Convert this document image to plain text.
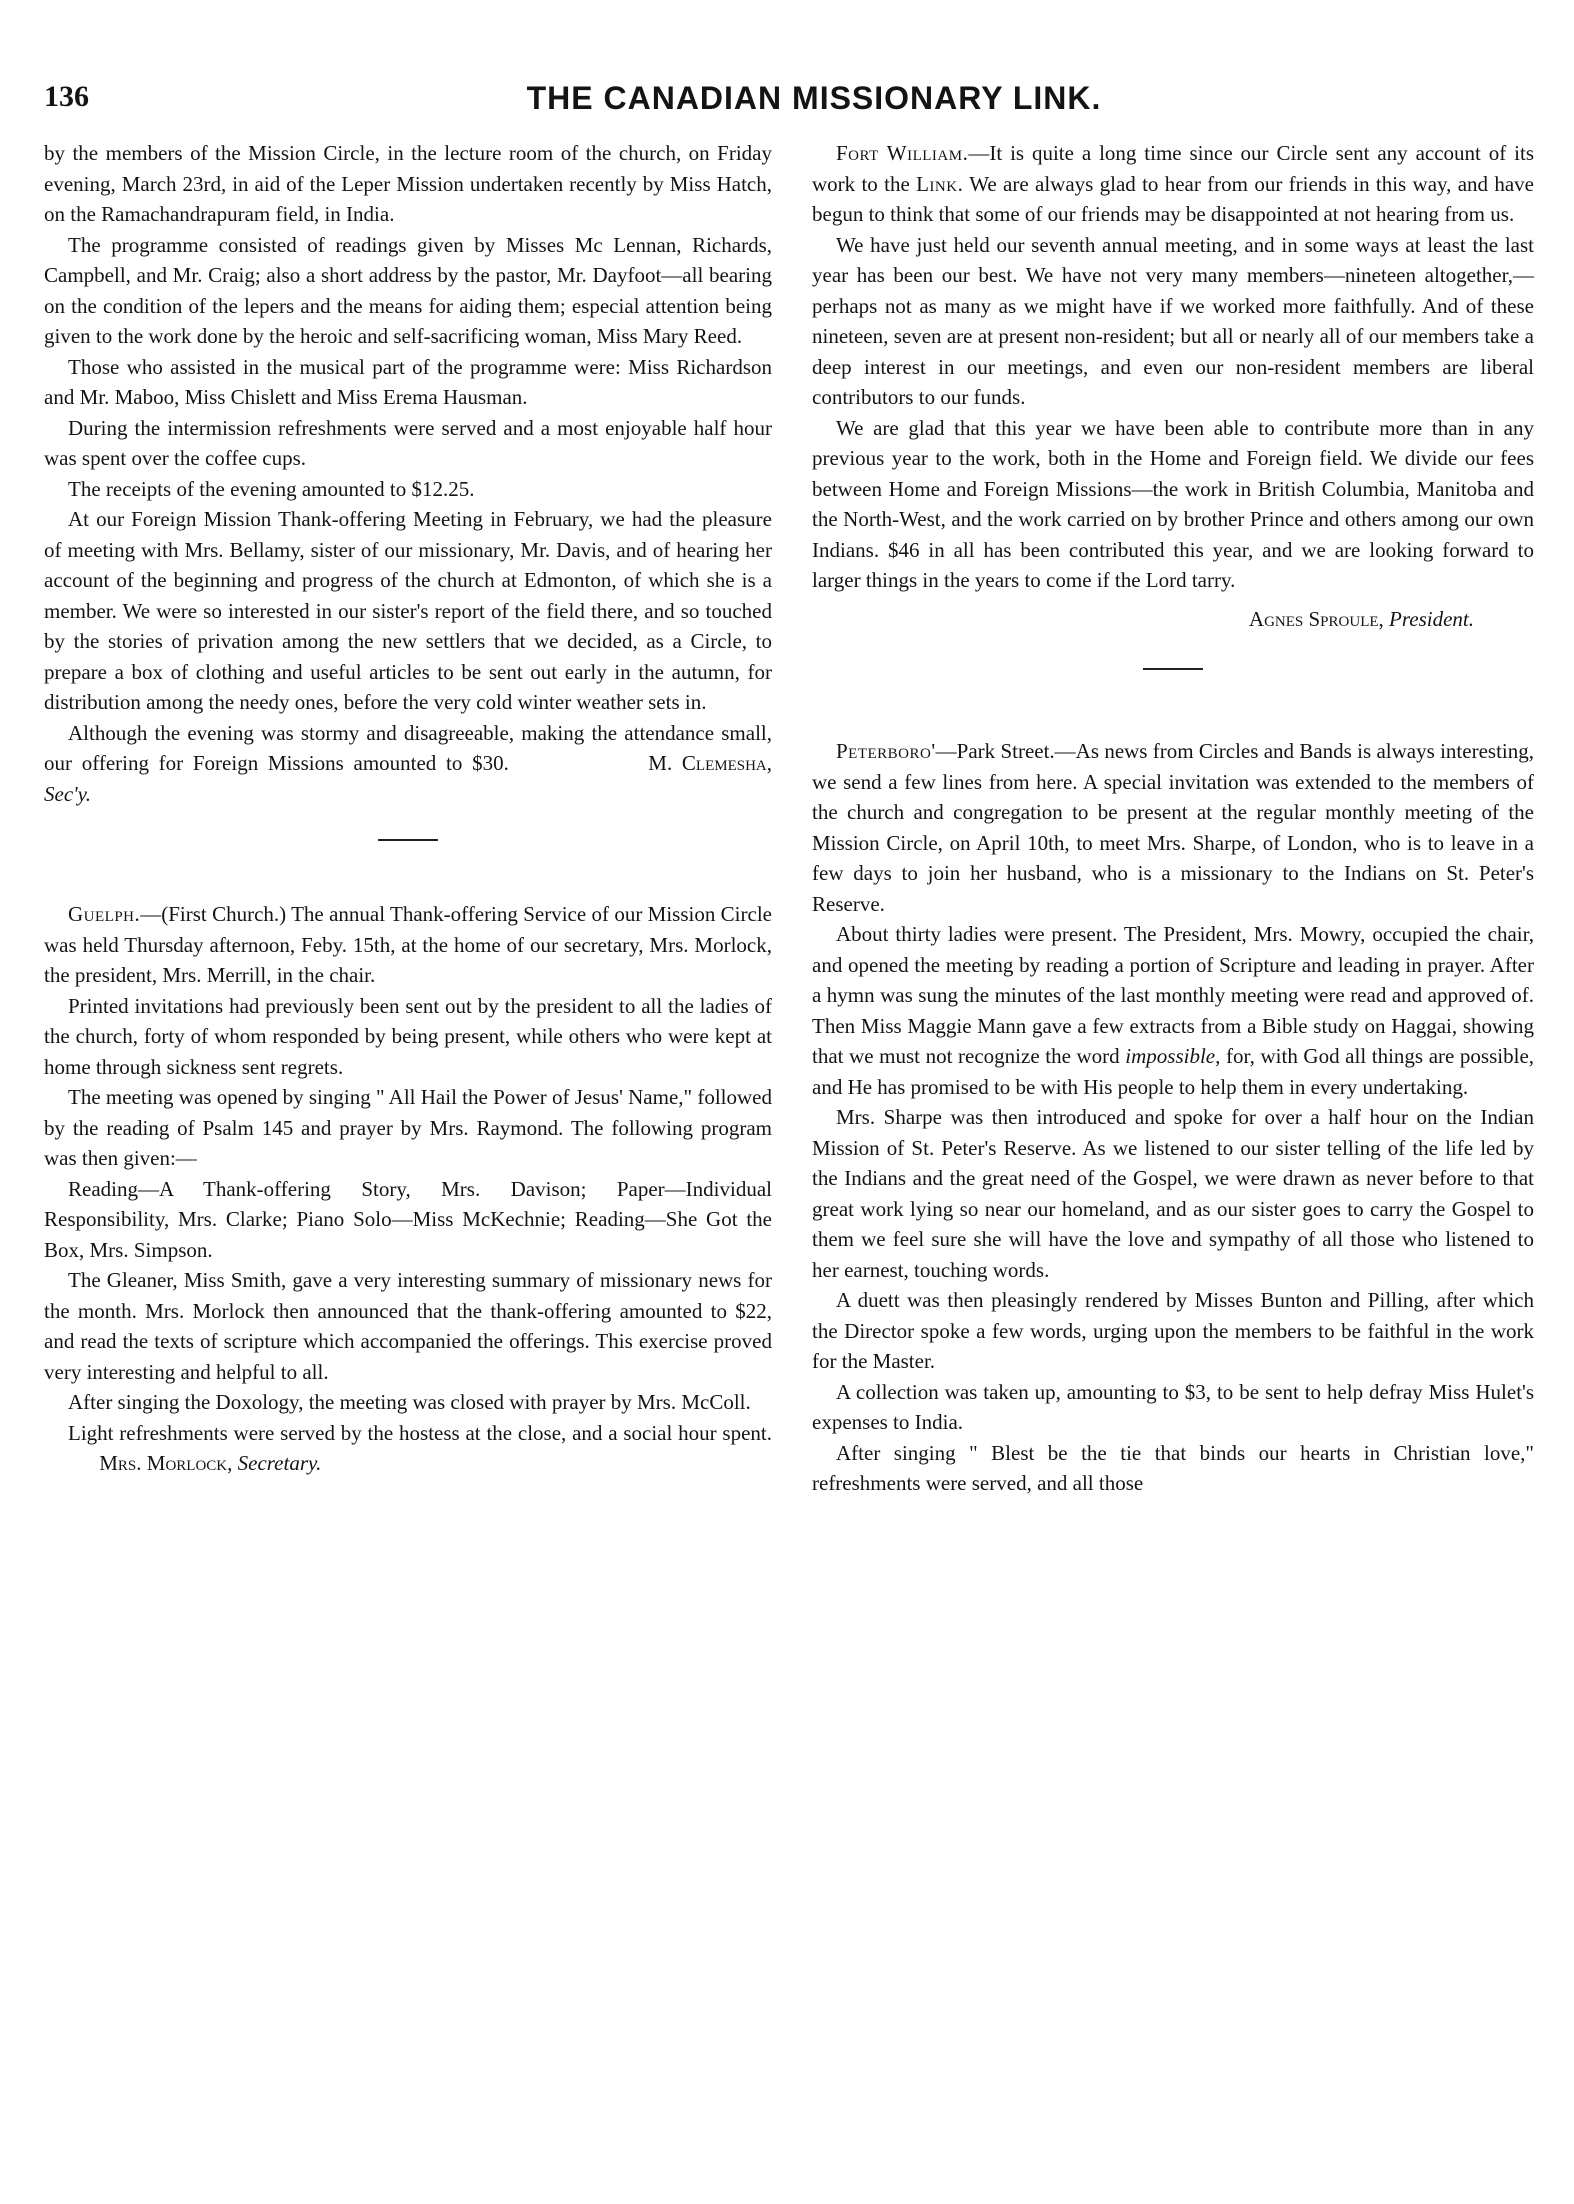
136	THE CANADIAN MISSIONARY LINK.

by the members of the Mission Circle, in the lecture room of the church, on Friday evening, March 23rd, in aid of the Leper Mission undertaken recently by Miss Hatch, on the Ramachandrapuram field, in India.

The programme consisted of readings given by Misses Mc Lennan, Richards, Campbell, and Mr. Craig; also a short address by the pastor, Mr. Dayfoot—all bearing on the condition of the lepers and the means for aiding them; especial attention being given to the work done by the heroic and self-sacrificing woman, Miss Mary Reed.

Those who assisted in the musical part of the programme were: Miss Richardson and Mr. Maboo, Miss Chislett and Miss Erema Hausman.

During the intermission refreshments were served and a most enjoyable half hour was spent over the coffee cups.

The receipts of the evening amounted to $12.25.

At our Foreign Mission Thank-offering Meeting in February, we had the pleasure of meeting with Mrs. Bellamy, sister of our missionary, Mr. Davis, and of hearing her account of the beginning and progress of the church at Edmonton, of which she is a member. We were so interested in our sister's report of the field there, and so touched by the stories of privation among the new settlers that we decided, as a Circle, to prepare a box of clothing and useful articles to be sent out early in the autumn, for distribution among the needy ones, before the very cold winter weather sets in.

Although the evening was stormy and disagreeable, making the attendance small, our offering for Foreign Missions amounted to $30.	M. Clemesha, Sec'y.

Guelph.—(First Church.) The annual Thank-offering Service of our Mission Circle was held Thursday afternoon, Feby. 15th, at the home of our secretary, Mrs. Morlock, the president, Mrs. Merrill, in the chair.

Printed invitations had previously been sent out by the president to all the ladies of the church, forty of whom responded by being present, while others who were kept at home through sickness sent regrets.

The meeting was opened by singing " All Hail the Power of Jesus' Name," followed by the reading of Psalm 145 and prayer by Mrs. Raymond. The following program was then given:—

Reading—A Thank-offering Story, Mrs. Davison; Paper—Individual Responsibility, Mrs. Clarke; Piano Solo—Miss McKechnie; Reading—She Got the Box, Mrs. Simpson.

The Gleaner, Miss Smith, gave a very interesting summary of missionary news for the month. Mrs. Morlock then announced that the thank-offering amounted to $22, and read the texts of scripture which accompanied the offerings. This exercise proved very interesting and helpful to all.

After singing the Doxology, the meeting was closed with prayer by Mrs. McColl.

Light refreshments were served by the hostess at the close, and a social hour spent.  Mrs. Morlock, Secretary.

Fort William.—It is quite a long time since our Circle sent any account of its work to the Link. We are always glad to hear from our friends in this way, and have begun to think that some of our friends may be disappointed at not hearing from us.

We have just held our seventh annual meeting, and in some ways at least the last year has been our best. We have not very many members—nineteen altogether,—perhaps not as many as we might have if we worked more faithfully. And of these nineteen, seven are at present non-resident; but all or nearly all of our members take a deep interest in our meetings, and even our non-resident members are liberal contributors to our funds.

We are glad that this year we have been able to contribute more than in any previous year to the work, both in the Home and Foreign field. We divide our fees between Home and Foreign Missions—the work in British Columbia, Manitoba and the North-West, and the work carried on by brother Prince and others among our own Indians. $46 in all has been contributed this year, and we are looking forward to larger things in the years to come if the Lord tarry.

Agnes Sproule, President.

Peterboro'—Park Street.—As news from Circles and Bands is always interesting, we send a few lines from here. A special invitation was extended to the members of the church and congregation to be present at the regular monthly meeting of the Mission Circle, on April 10th, to meet Mrs. Sharpe, of London, who is to leave in a few days to join her husband, who is a missionary to the Indians on St. Peter's Reserve.

About thirty ladies were present. The President, Mrs. Mowry, occupied the chair, and opened the meeting by reading a portion of Scripture and leading in prayer. After a hymn was sung the minutes of the last monthly meeting were read and approved of. Then Miss Maggie Mann gave a few extracts from a Bible study on Haggai, showing that we must not recognize the word impossible, for, with God all things are possible, and He has promised to be with His people to help them in every undertaking.

Mrs. Sharpe was then introduced and spoke for over a half hour on the Indian Mission of St. Peter's Reserve. As we listened to our sister telling of the life led by the Indians and the great need of the Gospel, we were drawn as never before to that great work lying so near our homeland, and as our sister goes to carry the Gospel to them we feel sure she will have the love and sympathy of all those who listened to her earnest, touching words.

A duett was then pleasingly rendered by Misses Bunton and Pilling, after which the Director spoke a few words, urging upon the members to be faithful in the work for the Master.

A collection was taken up, amounting to $3, to be sent to help defray Miss Hulet's expenses to India.

After singing " Blest be the tie that binds our hearts in Christian love," refreshments were served, and all those
